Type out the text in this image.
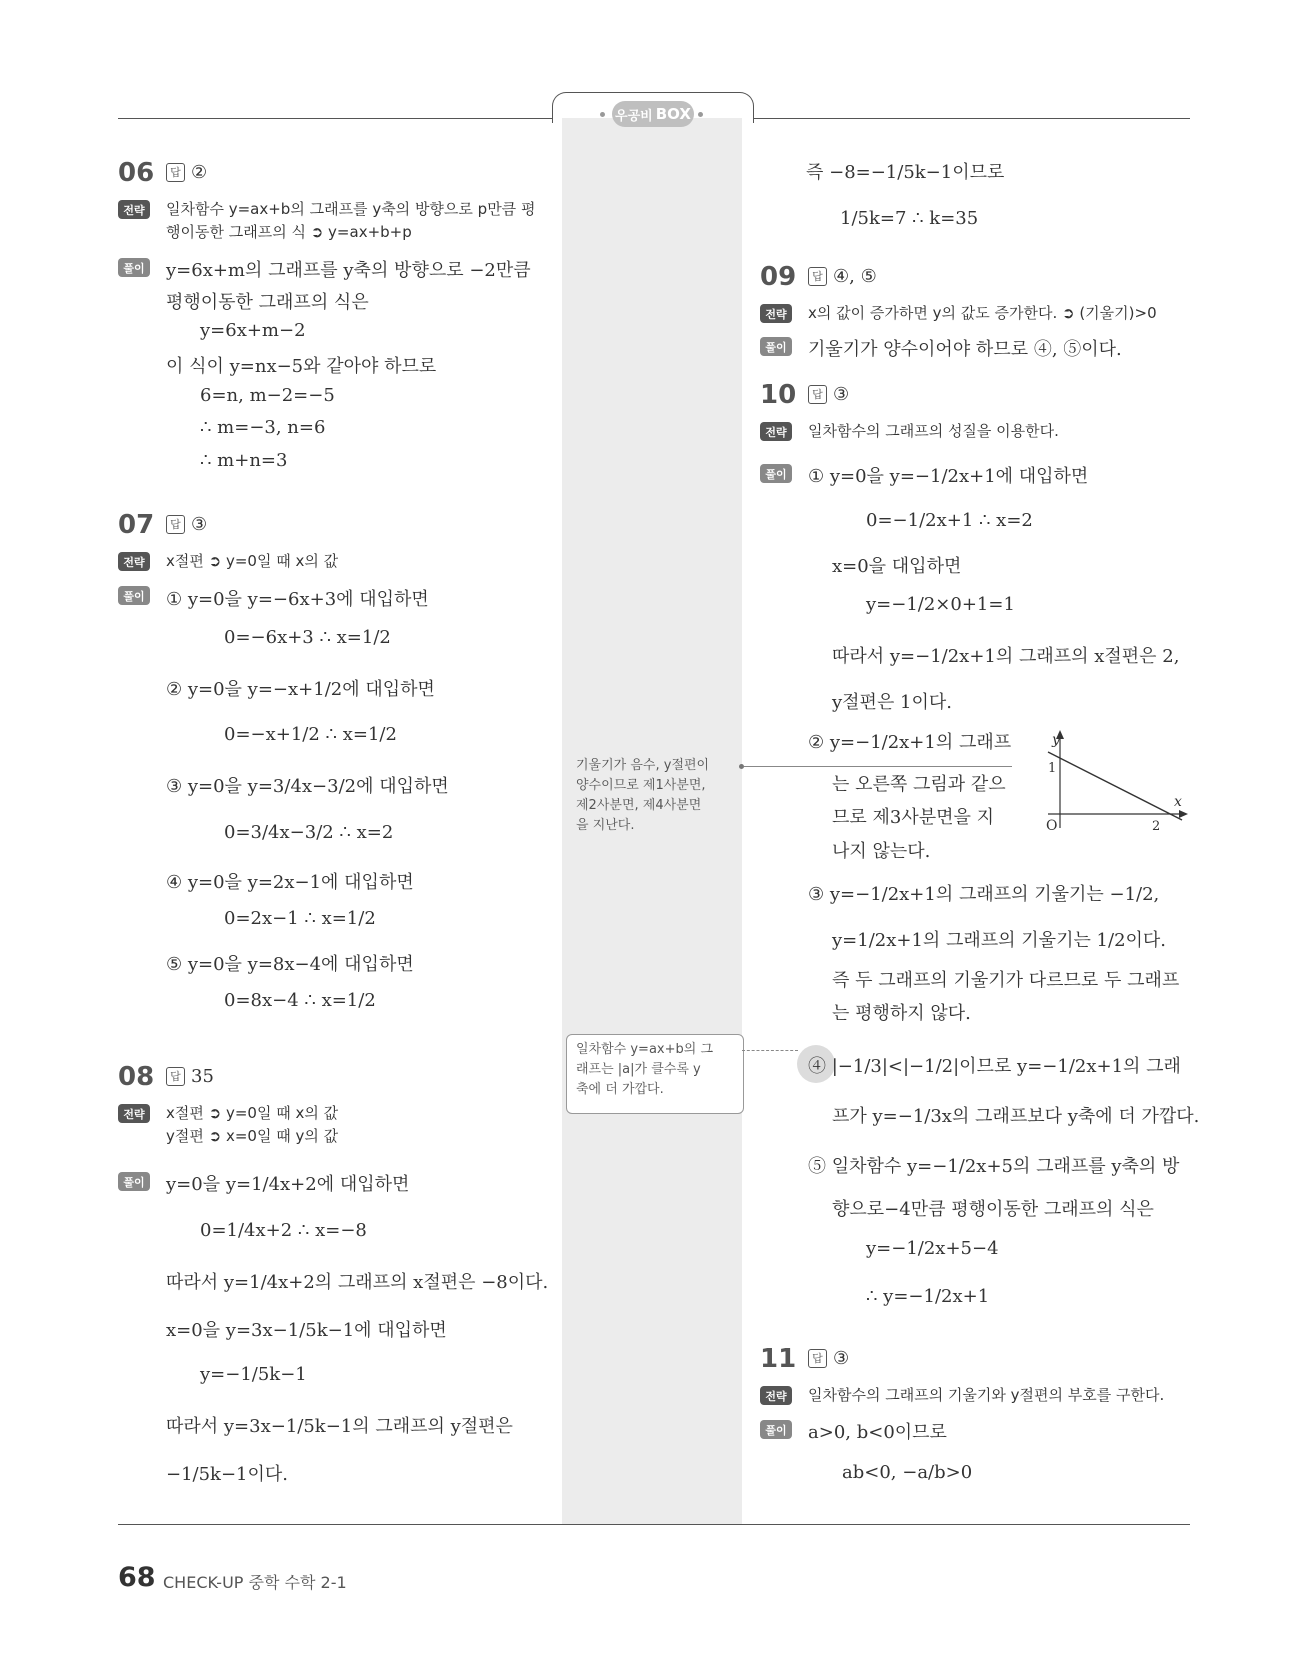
우공비 BOX
06	답 ②
전략	일차함수 y=ax+b의 그래프를 y축의 방향으로 p만큼 평
행이동한 그래프의 식 ➲ y=ax+b+p
풀이 y=6x+m의 그래프를 y축의 방향으로 −2만큼
평행이동한 그래프의 식은
y=6x+m−2
이 식이 y=nx−5와 같아야 하므로
6=n, m−2=−5
∴ m=−3, n=6
∴ m+n=3
07	답 ③
전략	x절편 ➲ y=0일 때 x의 값
풀이 ① y=0을 y=−6x+3에 대입하면
0=−6x+3 ∴ x=1/2
② y=0을 y=−x+1/2에 대입하면
0=−x+1/2 ∴ x=1/2
③ y=0을 y=3/4x−3/2에 대입하면
0=3/4x−3/2 ∴ x=2
④ y=0을 y=2x−1에 대입하면
0=2x−1 ∴ x=1/2
⑤ y=0을 y=8x−4에 대입하면
0=8x−4 ∴ x=1/2
08	답 35
전략	x절편 ➲ y=0일 때 x의 값
y절편 ➲ x=0일 때 y의 값
풀이 y=0을 y=1/4x+2에 대입하면
0=1/4x+2 ∴ x=−8
따라서 y=1/4x+2의 그래프의 x절편은 −8이다.
x=0을 y=3x−1/5k−1에 대입하면
y=−1/5k−1
따라서 y=3x−1/5k−1의 그래프의 y절편은
−1/5k−1이다.
즉 −8=−1/5k−1이므로
1/5k=7 ∴ k=35
09	답 ④, ⑤
전략	x의 값이 증가하면 y의 값도 증가한다. ➲ (기울기)>0
풀이 기울기가 양수이어야 하므로 ④, ⑤이다.
10	답 ③
전략	일차함수의 그래프의 성질을 이용한다.
풀이 ① y=0을 y=−1/2x+1에 대입하면
0=−1/2x+1 ∴ x=2
x=0을 대입하면
y=−1/2×0+1=1
따라서 y=−1/2x+1의 그래프의 x절편은 2,
y절편은 1이다.
② y=−1/2x+1의 그래프
는 오른쪽 그림과 같으
므로 제3사분면을 지
나지 않는다.
y
x
O
1
2
③ y=−1/2x+1의 그래프의 기울기는 −1/2,
y=1/2x+1의 그래프의 기울기는 1/2이다.
즉 두 그래프의 기울기가 다르므로 두 그래프
는 평행하지 않다.
④ |−1/3|<|−1/2|이므로 y=−1/2x+1의 그래
프가 y=−1/3x의 그래프보다 y축에 더 가깝다.
⑤ 일차함수 y=−1/2x+5의 그래프를 y축의 방
향으로−4만큼 평행이동한 그래프의 식은
y=−1/2x+5−4
∴ y=−1/2x+1
11	답 ③
전략	일차함수의 그래프의 기울기와 y절편의 부호를 구한다.
풀이 a>0, b<0이므로
ab<0, −a/b>0
기울기가 음수, y절편이
양수이므로 제1사분면,
제2사분면, 제4사분면
을 지난다.
일차함수 y=ax+b의 그
래프는 |a|가 클수록 y
축에 더 가깝다.
68 CHECK-UP 중학 수학 2-1
